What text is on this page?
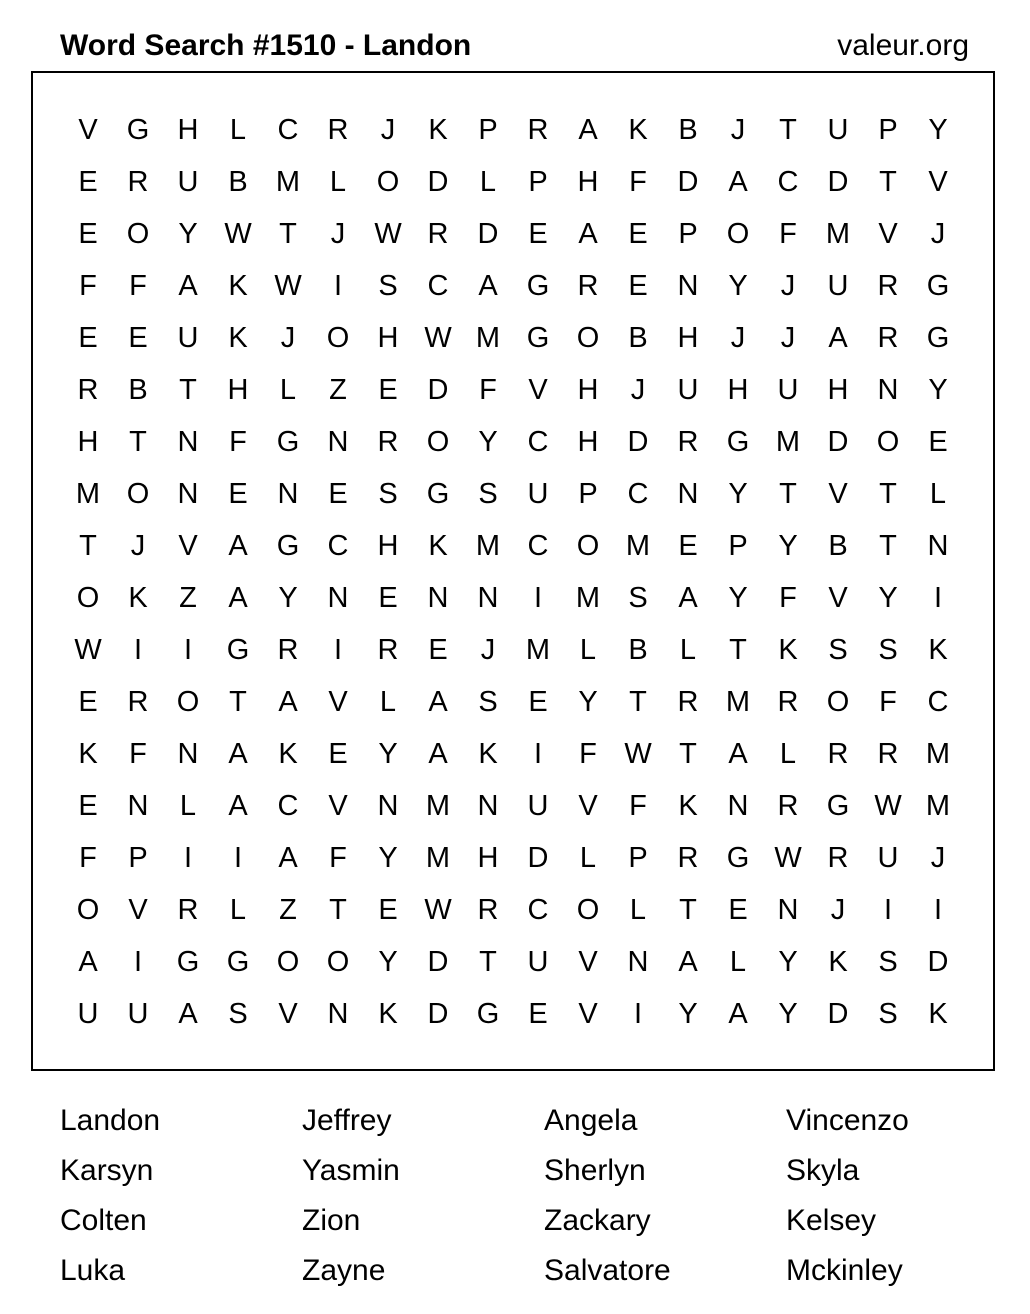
Word Search #1510 - Landon	valeur.org
V	G H	L	C	R	J	K	P	R	A	K	B	J	T	U	P	Y
E	R	U	B M	L	O D	L	P	H	F	D	A	C	D	T	V
E	O	Y W T	J	W R	D	E	A	E	P	O	F	M V	J
F	F	A	K W	I	S	C	A	G R	E	N	Y	J	U	R G
E	E	U	K	J	O H W M G O	B	H	J	J	A	R G
R	B	T	H	L	Z	E	D	F	V	H	J	U	H	U	H	N	Y
H	T	N	F	G N	R O	Y	C	H	D	R G M D O	E
M O N	E	N	E	S	G	S	U	P	C	N	Y	T	V	T	L
T	J	V	A	G C	H	K M C O M E	P	Y	B	T	N
O	K	Z	A	Y	N	E	N	N	I	M S	A	Y	F	V	Y	I
W	I	I	G R	I	R	E	J	M	L	B	L	T	K	S	S	K
E	R O	T	A	V	L	A	S	E	Y	T	R M R O	F	C
K	F	N	A	K	E	Y	A	K	I	F W T	A	L	R	R M
E	N	L	A	C	V	N M N	U	V	F	K	N	R G W M
F	P	I	I	A	F	Y M H	D	L	P	R G W R	U	J
O	V	R	L	Z	T	E W R	C O	L	T	E	N	J	I	I
A	I	G G O O	Y	D	T	U	V	N	A	L	Y	K	S	D
U	U	A	S	V	N	K	D G	E	V	I	Y	A	Y	D	S	K
Landon	Jeffrey	Angela	Vincenzo
Karsyn	Yasmin	Sherlyn	Skyla
Colten	Zion	Zackary	Kelsey
Luka	Zayne	Salvatore	Mckinley
